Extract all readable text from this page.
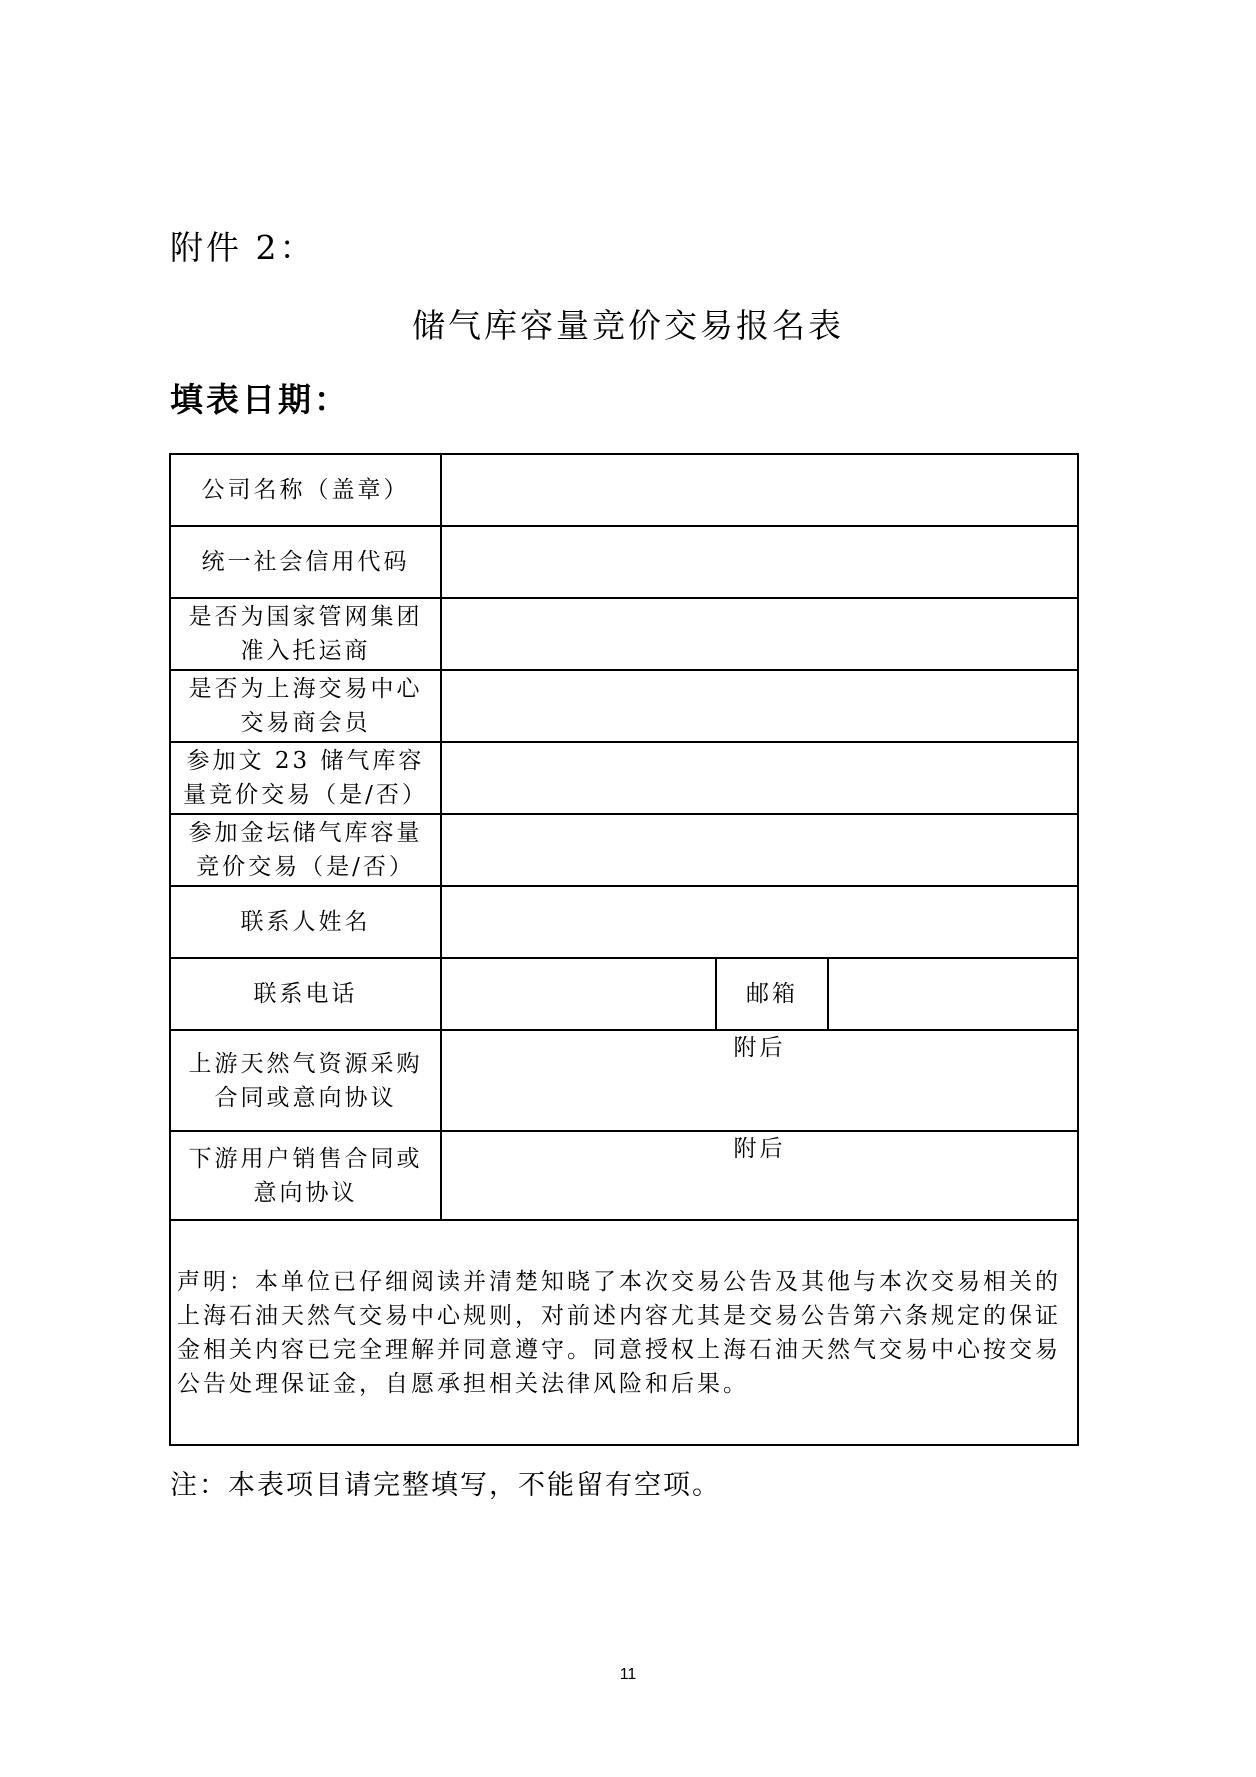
附件 2：
储气库容量竞价交易报名表
填表日期：
公司名称（盖章）			
统一社会信用代码			
是否为国家管网集团准入托运商			
是否为上海交易中心交易商会员			
参加文 23 储气库容量竞价交易（是/否）			
参加金坛储气库容量竞价交易（是/否）			
联系人姓名			
联系电话		邮箱	
上游天然气资源采购合同或意向协议	附后		
下游用户销售合同或意向协议	附后		
声明：本单位已仔细阅读并清楚知晓了本次交易公告及其他与本次交易相关的上海石油天然气交易中心规则，对前述内容尤其是交易公告第六条规定的保证金相关内容已完全理解并同意遵守。同意授权上海石油天然气交易中心按交易公告处理保证金，自愿承担相关法律风险和后果。			
注：本表项目请完整填写，不能留有空项。
11
